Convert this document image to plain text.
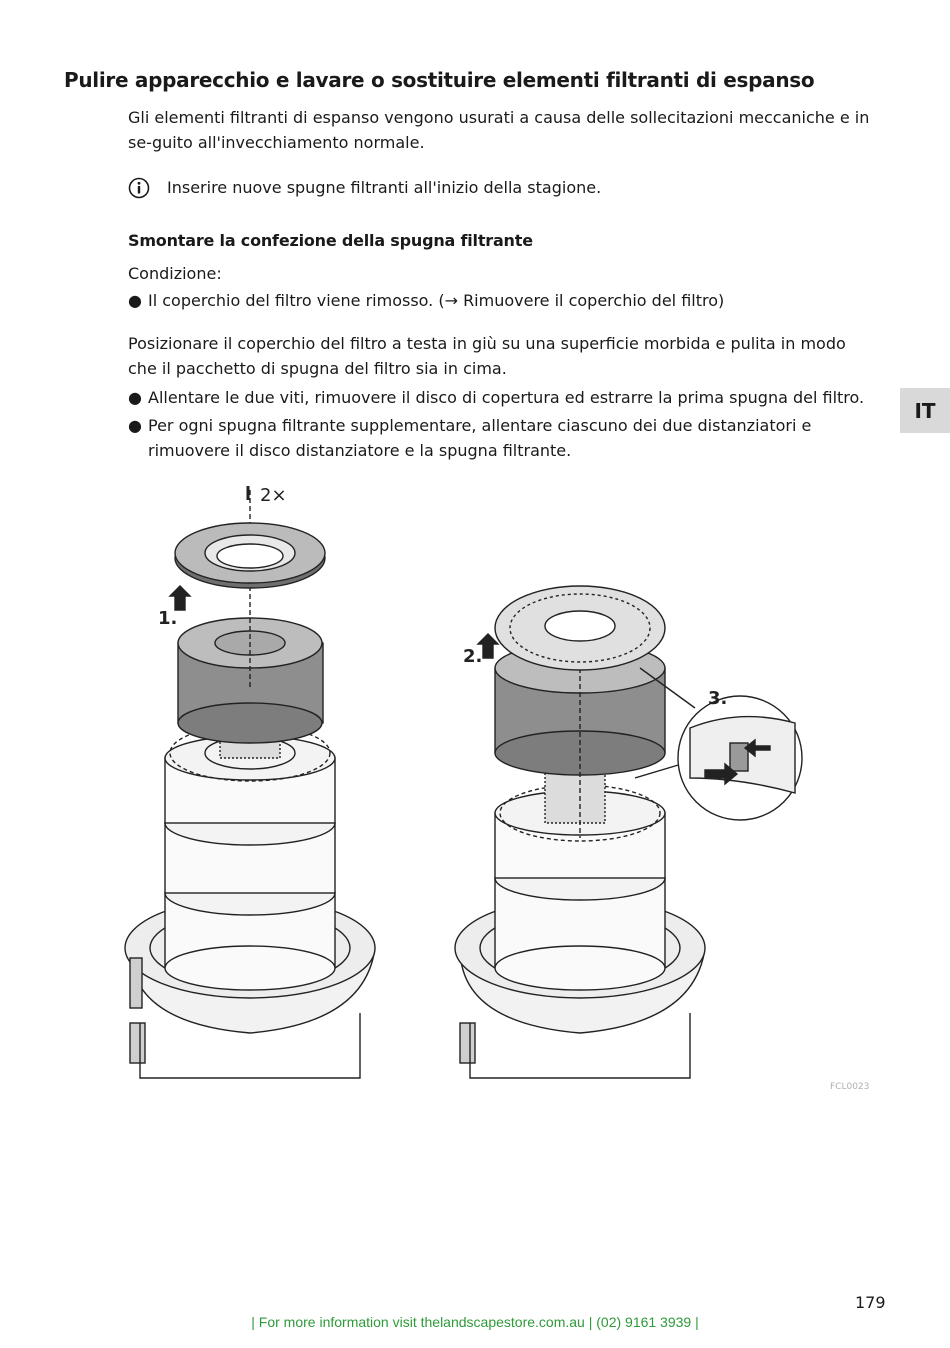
Pulire apparecchio e lavare o sostituire elementi filtranti di espanso

Gli elementi filtranti di espanso vengono usurati a causa delle sollecitazioni meccaniche e in se-guito all'invecchiamento normale.

Inserire nuove spugne filtranti all'inizio della stagione.
Smontare la confezione della spugna filtrante
Condizione:
● Il coperchio del filtro viene rimosso. (→ Rimuovere il coperchio del filtro)

Posizionare il coperchio del filtro a testa in giù su una superficie morbida e pulita in modo che il pacchetto di spugna del filtro sia in cima.

● Allentare le due viti, rimuovere il disco di copertura ed estrarre la prima spugna del filtro.
● Per ogni spugna filtrante supplementare, allentare ciascuno dei due distanziatori e rimuovere il disco distanziatore e la spugna filtrante.
IT
2×
1.
2.
3.
FCL0023
179
| For more information visit thelandscapestore.com.au | (02) 9161 3939 |
